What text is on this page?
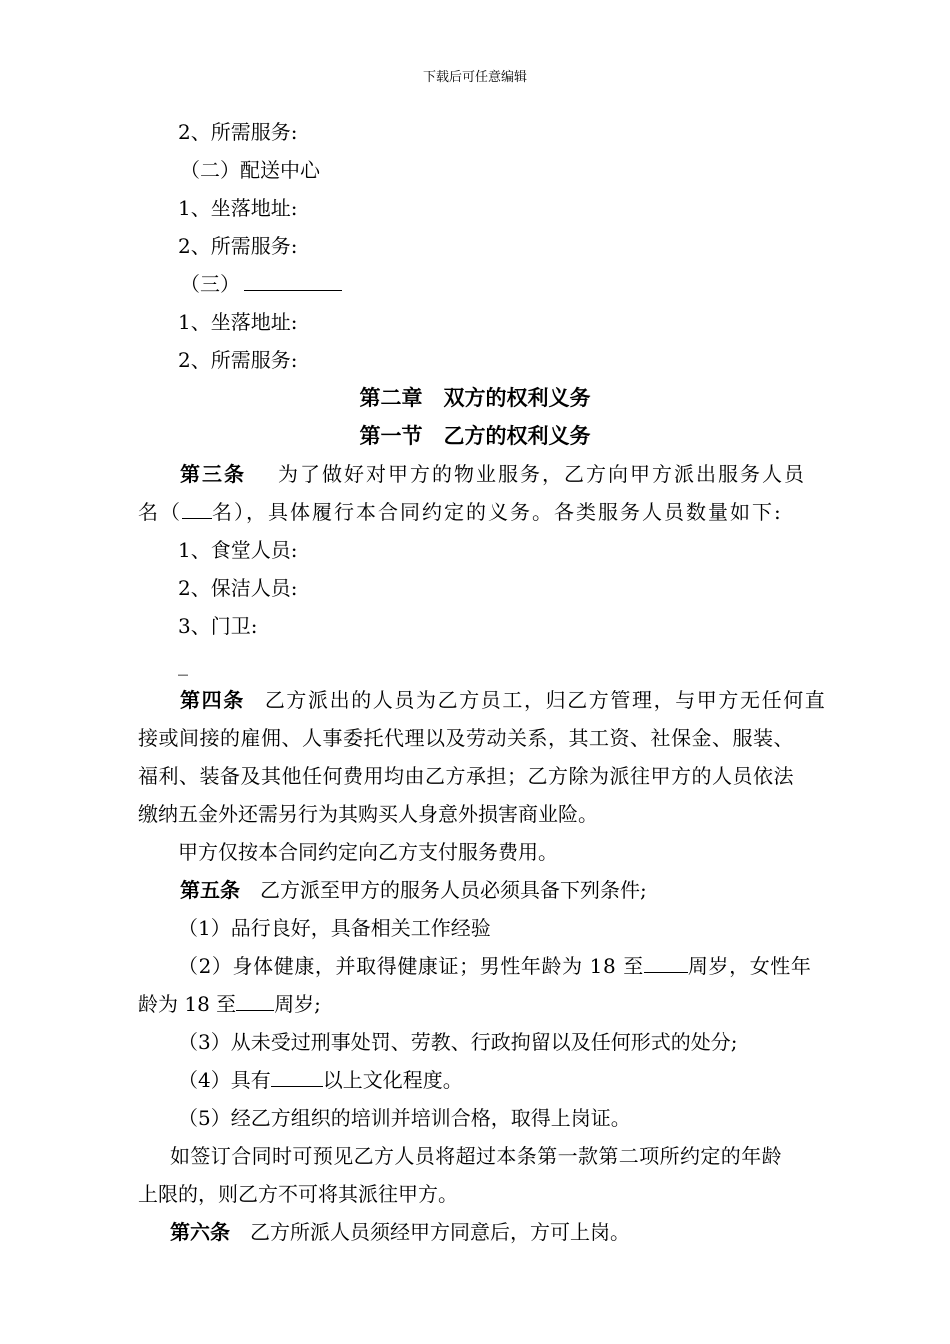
下载后可任意编辑
2、所需服务:
（二）配送中心
1、坐落地址:
2、所需服务:
（三）
1、坐落地址:
2、所需服务:
第二章　双方的权利义务
第一节　乙方的权利义务
第三条 为了做好对甲方的物业服务，乙方向甲方派出服务人员
名（ 名），具体履行本合同约定的义务。各类服务人员数量如下:
1、食堂人员:
2、保洁人员:
3、门卫:
_
第四条 乙方派出的人员为乙方员工，归乙方管理，与甲方无任何直
接或间接的雇佣、人事委托代理以及劳动关系，其工资、社保金、服装、
福利、装备及其他任何费用均由乙方承担；乙方除为派往甲方的人员依法
缴纳五金外还需另行为其购买人身意外损害商业险。
甲方仅按本合同约定向乙方支付服务费用。
第五条 乙方派至甲方的服务人员必须具备下列条件;
（1）品行良好，具备相关工作经验
（2）身体健康，并取得健康证；男性年龄为 18 至 周岁，女性年
龄为 18 至 周岁;
（3）从未受过刑事处罚、劳教、行政拘留以及任何形式的处分;
（4）具有	以上文化程度。
（5）经乙方组织的培训并培训合格，取得上岗证。
如签订合同时可预见乙方人员将超过本条第一款第二项所约定的年龄
上限的，则乙方不可将其派往甲方。
第六条 乙方所派人员须经甲方同意后，方可上岗。
